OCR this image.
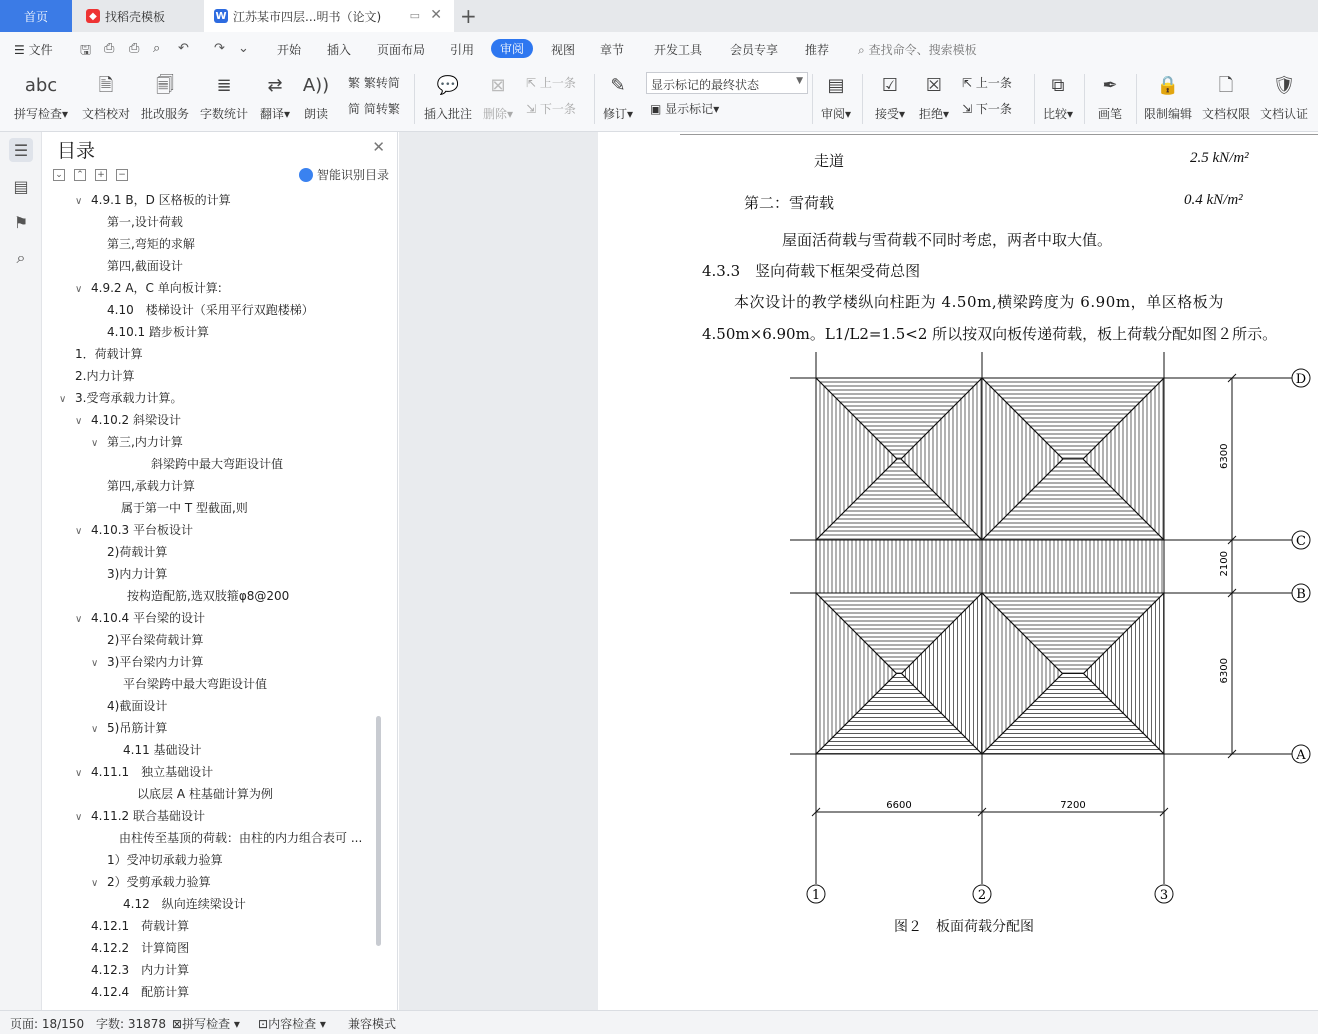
首页	◆ 找稻壳模板	W 江苏某市四层...明书（论文)	▭ ✕ +
☰ 文件 🖫 ⎙ ⎙ ⌕ ↶ ↷ ⌄ 开始 插入 页面布局 引用	审阅	视图 章节 开发工具 会员专享 推荐 ⌕ 查找命令、搜索模板
abc
拼写检查▾
🗎
文档校对
🗐
批改服务
≣
字数统计
⇄
翻译▾
A))
朗读
繁 繁转简
简 简转繁
💬
插入批注
⊠
删除▾
⇱ 上一条
⇲ 下一条
✎
修订▾
显示标记的最终状态	▼
▣ 显示标记▾
▤
审阅▾
☑
接受▾
☒
拒绝▾
⇱ 上一条
⇲ 下一条
⧉
比较▾
✒
画笔
🔒
限制编辑
🗋
文档权限
🛡
文档认证
☰
▤
⚑
⌕
目录	✕
⌄ ⌃ + −	智能识别目录
∨ 4.9.1 B，D 区格板的计算
第一,设计荷载
第三,弯矩的求解
第四,截面设计
∨ 4.9.2 A，C 单向板计算:
4.10　楼梯设计（采用平行双跑楼梯）
4.10.1 踏步板计算
1．荷载计算
2.内力计算
∨ 3.受弯承载力计算。
∨ 4.10.2 斜梁设计
∨ 第三,内力计算
斜梁跨中最大弯距设计值
第四,承载力计算
属于第一中 T 型截面,则
∨ 4.10.3 平台板设计
2)荷载计算
3)内力计算
按构造配筋,选双肢箍φ8@200
∨ 4.10.4 平台梁的设计
2)平台梁荷载计算
∨ 3)平台梁内力计算
平台梁跨中最大弯距设计值
4)截面设计
∨ 5)吊筋计算
4.11 基础设计
∨ 4.11.1　独立基础设计
以底层 A 柱基础计算为例
∨ 4.11.2 联合基础设计
由柱传至基顶的荷载：由柱的内力组合表可 ...
1）受冲切承载力验算
∨ 2）受剪承载力验算
4.12　纵向连续梁设计
4.12.1　荷载计算
4.12.2　计算简图
4.12.3　内力计算
4.12.4　配筋计算
走道	2.5 kN/m²
第二：雪荷载	0.4 kN/m²
屋面活荷载与雪荷载不同时考虑，两者中取大值。
4.3.3　竖向荷载下框架受荷总图
本次设计的教学楼纵向柱距为 4.50m,横梁跨度为 6.90m，单区格板为
4.50m×6.90m。L1/L2=1.5<2 所以按双向板传递荷载，板上荷载分配如图２所示。
D
C
B
A
1	2	3
6300
2100
6300
6600	7200
图２　板面荷载分配图
页面: 18/150 字数: 31878 ⊠拼写检查 ▾ ⊡内容检查 ▾ 兼容模式
